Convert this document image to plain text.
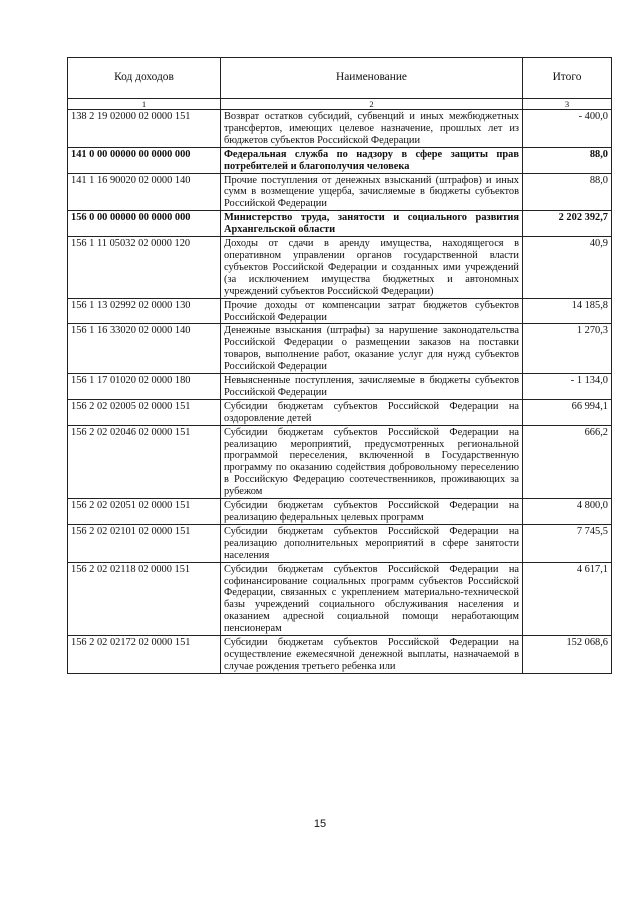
Код доходов	Наименование	Итого
1	2	3
138 2 19 02000 02 0000 151	Возврат остатков субсидий, субвенций и иных межбюджетных трансфертов, имеющих целевое назначение, прошлых лет из бюджетов субъектов Российской Федерации	- 400,0
141 0 00 00000 00 0000 000	Федеральная служба по надзору в сфере защиты прав потребителей и благополучия человека	88,0
141 1 16 90020 02 0000 140	Прочие поступления от денежных взысканий (штрафов) и иных сумм в возмещение ущерба, зачисляемые в бюджеты субъектов Российской Федерации	88,0
156 0 00 00000 00 0000 000	Министерство труда, занятости и социального развития Архангельской области	2 202 392,7
156 1 11 05032 02 0000 120	Доходы от сдачи в аренду имущества, находящегося в оперативном управлении органов государственной власти субъектов Российской Федерации и созданных ими учреждений (за исключением имущества бюджетных и автономных учреждений субъектов Российской Федерации)	40,9
156 1 13 02992 02 0000 130	Прочие доходы от компенсации затрат бюджетов субъектов Российской Федерации	14 185,8
156 1 16 33020 02 0000 140	Денежные взыскания (штрафы) за нарушение законодательства Российской Федерации о размещении заказов на поставки товаров, выполнение работ, оказание услуг для нужд субъектов Российской Федерации	1 270,3
156 1 17 01020 02 0000 180	Невыясненные поступления, зачисляемые в бюджеты субъектов Российской Федерации	- 1 134,0
156 2 02 02005 02 0000 151	Субсидии бюджетам субъектов Российской Федерации на оздоровление детей	66 994,1
156 2 02 02046 02 0000 151	Субсидии бюджетам субъектов Российской Федерации на реализацию мероприятий, предусмотренных региональной программой переселения, включенной в Государственную программу по оказанию содействия добровольному переселению в Российскую Федерацию соотечественников, проживающих за рубежом	666,2
156 2 02 02051 02 0000 151	Субсидии бюджетам субъектов Российской Федерации на реализацию федеральных целевых программ	4 800,0
156 2 02 02101 02 0000 151	Субсидии бюджетам субъектов Российской Федерации на реализацию дополнительных мероприятий в сфере занятости населения	7 745,5
156 2 02 02118 02 0000 151	Субсидии бюджетам субъектов Российской Федерации на софинансирование социальных программ субъектов Российской Федерации, связанных с укреплением материально-технической базы учреждений социального обслуживания населения и оказанием адресной социальной помощи неработающим пенсионерам	4 617,1
156 2 02 02172 02 0000 151	Субсидии бюджетам субъектов Российской Федерации на осуществление ежемесячной денежной выплаты, назначаемой в случае рождения третьего ребенка или	152 068,6
15
